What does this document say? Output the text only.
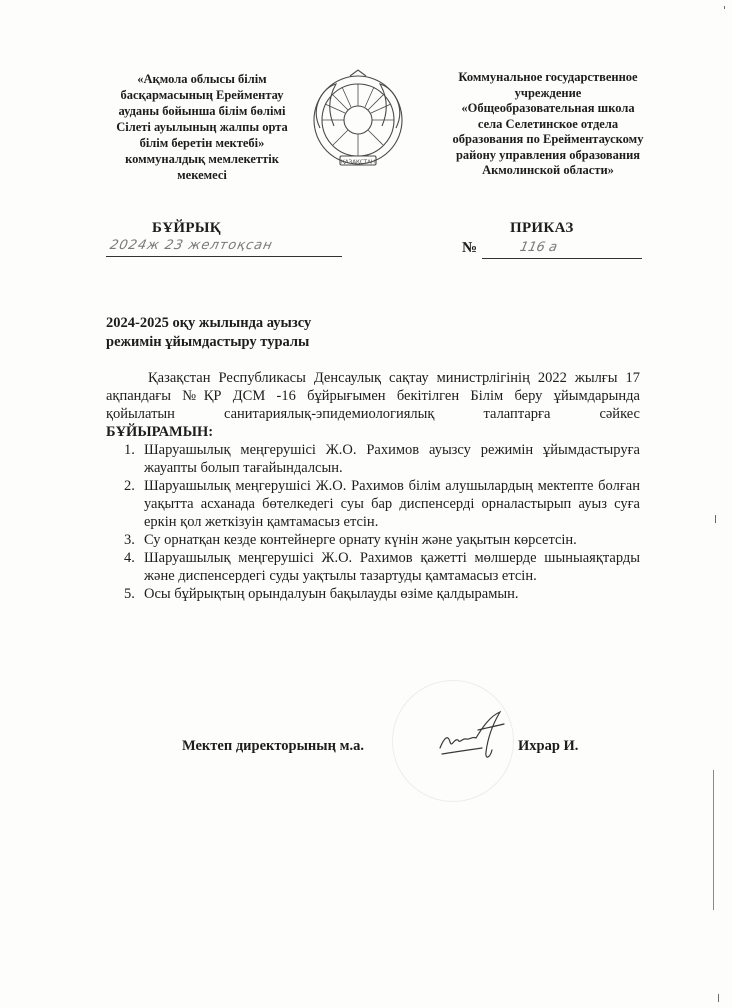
«Ақмола облысы білім
басқармасының Ерейментау
ауданы бойынша білім бөлімі
Сілеті ауылының жалпы орта
білім беретін мектебі»
коммуналдық мемлекеттік
мекемесі
ҚАЗАҚСТАН
Коммунальное государственное
учреждение
«Общеобразовательная школа
села Селетинское отдела
образования по Ерейментаускому
району управления образования
Акмолинской области»
БҰЙРЫҚ	ПРИКАЗ
2024ж 23 желтоқсан	№	116 а
2024-2025 оқу жылында ауызсу
режимін ұйымдастыру туралы

Қазақстан Республикасы Денсаулық сақтау министрлігінің 2022 жылғы 17 ақпандағы №ҚР ДСМ -16 бұйрығымен бекітілген Білім беру ұйымдарында қойылатын санитариялық-эпидемиологиялық талаптарға сәйкес

БҰЙЫРАМЫН:

1. Шаруашылық меңгерушісі Ж.О. Рахимов ауызсу режимін ұйымдастыруға жауапты болып тағайындалсын.
2. Шаруашылық меңгерушісі Ж.О. Рахимов білім алушылардың мектепте болған уақытта асханада бөтелкедегі суы бар диспенсерді орналастырып ауыз суға еркін қол жеткізуін қамтамасыз етсін.
3. Су орнатқан кезде контейнерге орнату күнін және уақытын көрсетсін.
4. Шаруашылық меңгерушісі Ж.О. Рахимов қажетті мөлшерде шыныаяқтарды және диспенсердегі суды уақтылы тазартуды қамтамасыз етсін.
5. Осы бұйрықтың орындалуын бақылауды өзіме қалдырамын.
Мектеп директорының м.а.	Ихрар И.
